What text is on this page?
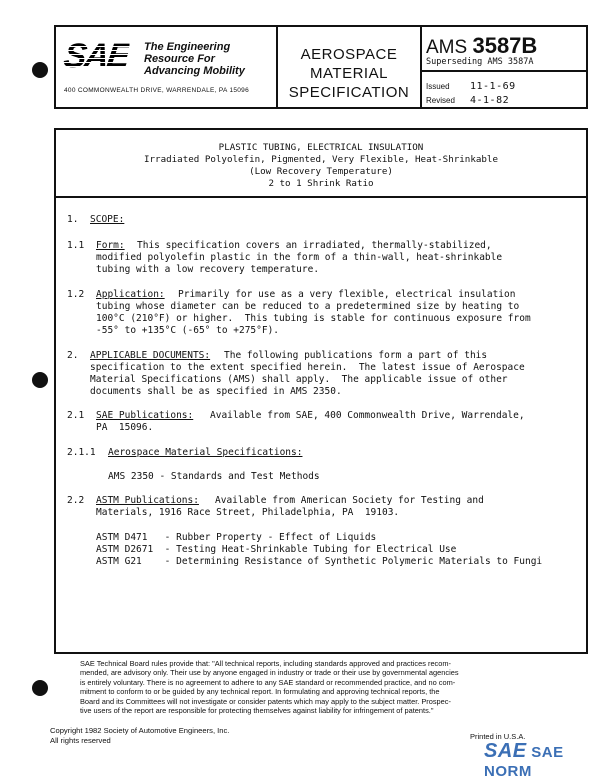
SAE The Engineering
Resource For
Advancing Mobility
400 COMMONWEALTH DRIVE, WARRENDALE, PA 15096
AEROSPACE
MATERIAL
SPECIFICATION
AMS 3587B
Superseding AMS 3587A
Issued 11-1-69
Revised 4-1-82
PLASTIC TUBING, ELECTRICAL INSULATION
Irradiated Polyolefin, Pigmented, Very Flexible, Heat-Shrinkable
(Low Recovery Temperature)
2 to 1 Shrink Ratio
1. SCOPE:
1.1 Form: This specification covers an irradiated, thermally-stabilized,
modified polyolefin plastic in the form of a thin-wall, heat-shrinkable
tubing with a low recovery temperature.
1.2 Application: Primarily for use as a very flexible, electrical insulation
tubing whose diameter can be reduced to a predetermined size by heating to
100°C (210°F) or higher.  This tubing is stable for continuous exposure from
-55° to +135°C (-65° to +275°F).
2. APPLICABLE DOCUMENTS: The following publications form a part of this
specification to the extent specified herein.  The latest issue of Aerospace
Material Specifications (AMS) shall apply.  The applicable issue of other
documents shall be as specified in AMS 2350.
2.1 SAE Publications: Available from SAE, 400 Commonwealth Drive, Warrendale,
PA  15096.
2.1.1 Aerospace Material Specifications:
AMS 2350 - Standards and Test Methods
2.2 ASTM Publications: Available from American Society for Testing and
Materials, 1916 Race Street, Philadelphia, PA  19103.
ASTM D471   - Rubber Property - Effect of Liquids
ASTM D2671 - Testing Heat-Shrinkable Tubing for Electrical Use
ASTM G21    - Determining Resistance of Synthetic Polymeric Materials to Fungi
SAE Technical Board rules provide that: "All technical reports, including standards approved and practices recom-
mended, are advisory only. Their use by anyone engaged in industry or trade or their use by governmental agencies
is entirely voluntary. There is no agreement to adhere to any SAE standard or recommended practice, and no com-
mitment to conform to or be guided by any technical report. In formulating and approving technical reports, the
Board and its Committees will not investigate or consider patents which may apply to the subject matter. Prospec-
tive users of the report are responsible for protecting themselves against liability for infringement of patents."
Copyright 1982 Society of Automotive Engineers, Inc.
All rights reserved	Printed in U.S.A.
SAE SAE NORM
